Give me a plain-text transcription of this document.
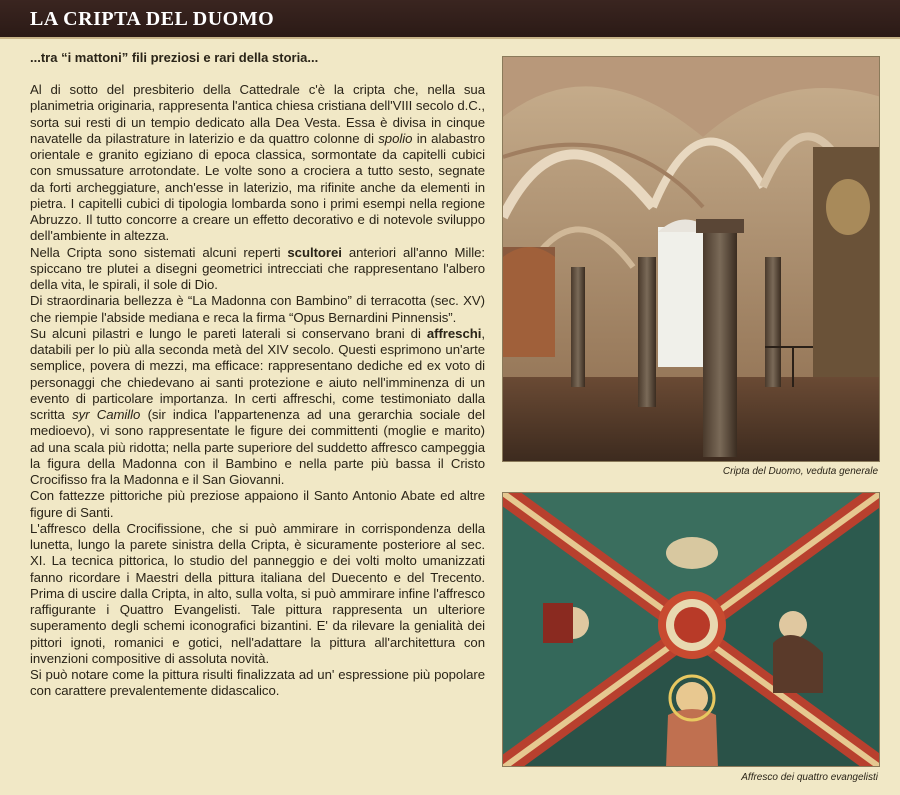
LA CRIPTA DEL DUOMO
...tra “i mattoni” fili preziosi e rari della storia...

Al di sotto del presbiterio della Cattedrale c'è la cripta che, nella sua planimetria originaria, rappresenta l'antica chiesa cristiana dell'VIII secolo d.C., sorta sui resti di un tempio dedicato alla Dea Vesta. Essa è divisa in cinque navatelle da pilastrature in laterizio e da quattro colonne di spolio in alabastro orientale e granito egiziano di epoca classica, sormontate da capitelli cubici con smussature arrotondate. Le volte sono a crociera a tutto sesto, segnate da forti archeggiature, anch'esse in laterizio, ma rifinite anche da elementi in pietra. I capitelli cubici di tipologia lombarda sono i primi esempi nella regione Abruzzo. Il tutto concorre a creare un effetto decorativo e di notevole sviluppo dell'ambiente in altezza.

Nella Cripta sono sistemati alcuni reperti scultorei anteriori all'anno Mille: spiccano tre plutei a disegni geometrici intrecciati che rappresentano l'albero della vita, le spirali, il sole di Dio.

Di straordinaria bellezza è “La Madonna con Bambino” di terracotta (sec. XV) che riempie l'abside mediana e reca la firma “Opus Bernardini Pinnensis”.

Su alcuni pilastri e lungo le pareti laterali si conservano brani di affreschi, databili per lo più alla seconda metà del XIV secolo. Questi esprimono un'arte semplice, povera di mezzi, ma efficace: rappresentano dediche ed ex voto di personaggi che chiedevano ai santi protezione e aiuto nell'imminenza di un evento di particolare importanza. In certi affreschi, come testimoniato dalla scritta syr Camillo (sir indica l'appartenenza ad una gerarchia sociale del medioevo), vi sono rappresentate le figure dei committenti (moglie e marito) ad una scala più ridotta; nella parte superiore del suddetto affresco campeggia la figura della Madonna con il Bambino e nella parte più bassa il Cristo Crocifisso fra la Madonna e il San Giovanni.

Con fattezze pittoriche più preziose appaiono il Santo Antonio Abate ed altre figure di Santi.

L'affresco della Crocifissione, che si può ammirare in corrispondenza della lunetta, lungo la parete sinistra della Cripta, è sicuramente posteriore al sec. XI. La tecnica pittorica, lo studio del panneggio e dei volti molto umanizzati fanno ricordare i Maestri della pittura italiana del Duecento e del Trecento. Prima di uscire dalla Cripta, in alto, sulla volta, si può ammirare infine l'affresco raffigurante i Quattro Evangelisti. Tale pittura rappresenta un ulteriore superamento degli schemi iconografici bizantini. E' da rilevare la genialità dei pittori ignoti, romanici e gotici, nell'adattare la pittura all'architettura con invenzioni compositive di assoluta novità.

Si può notare come la pittura risulti finalizzata ad un' espressione più popolare con carattere prevalentemente didascalico.

Cripta del Duomo, veduta generale
Affresco dei quattro evangelisti
